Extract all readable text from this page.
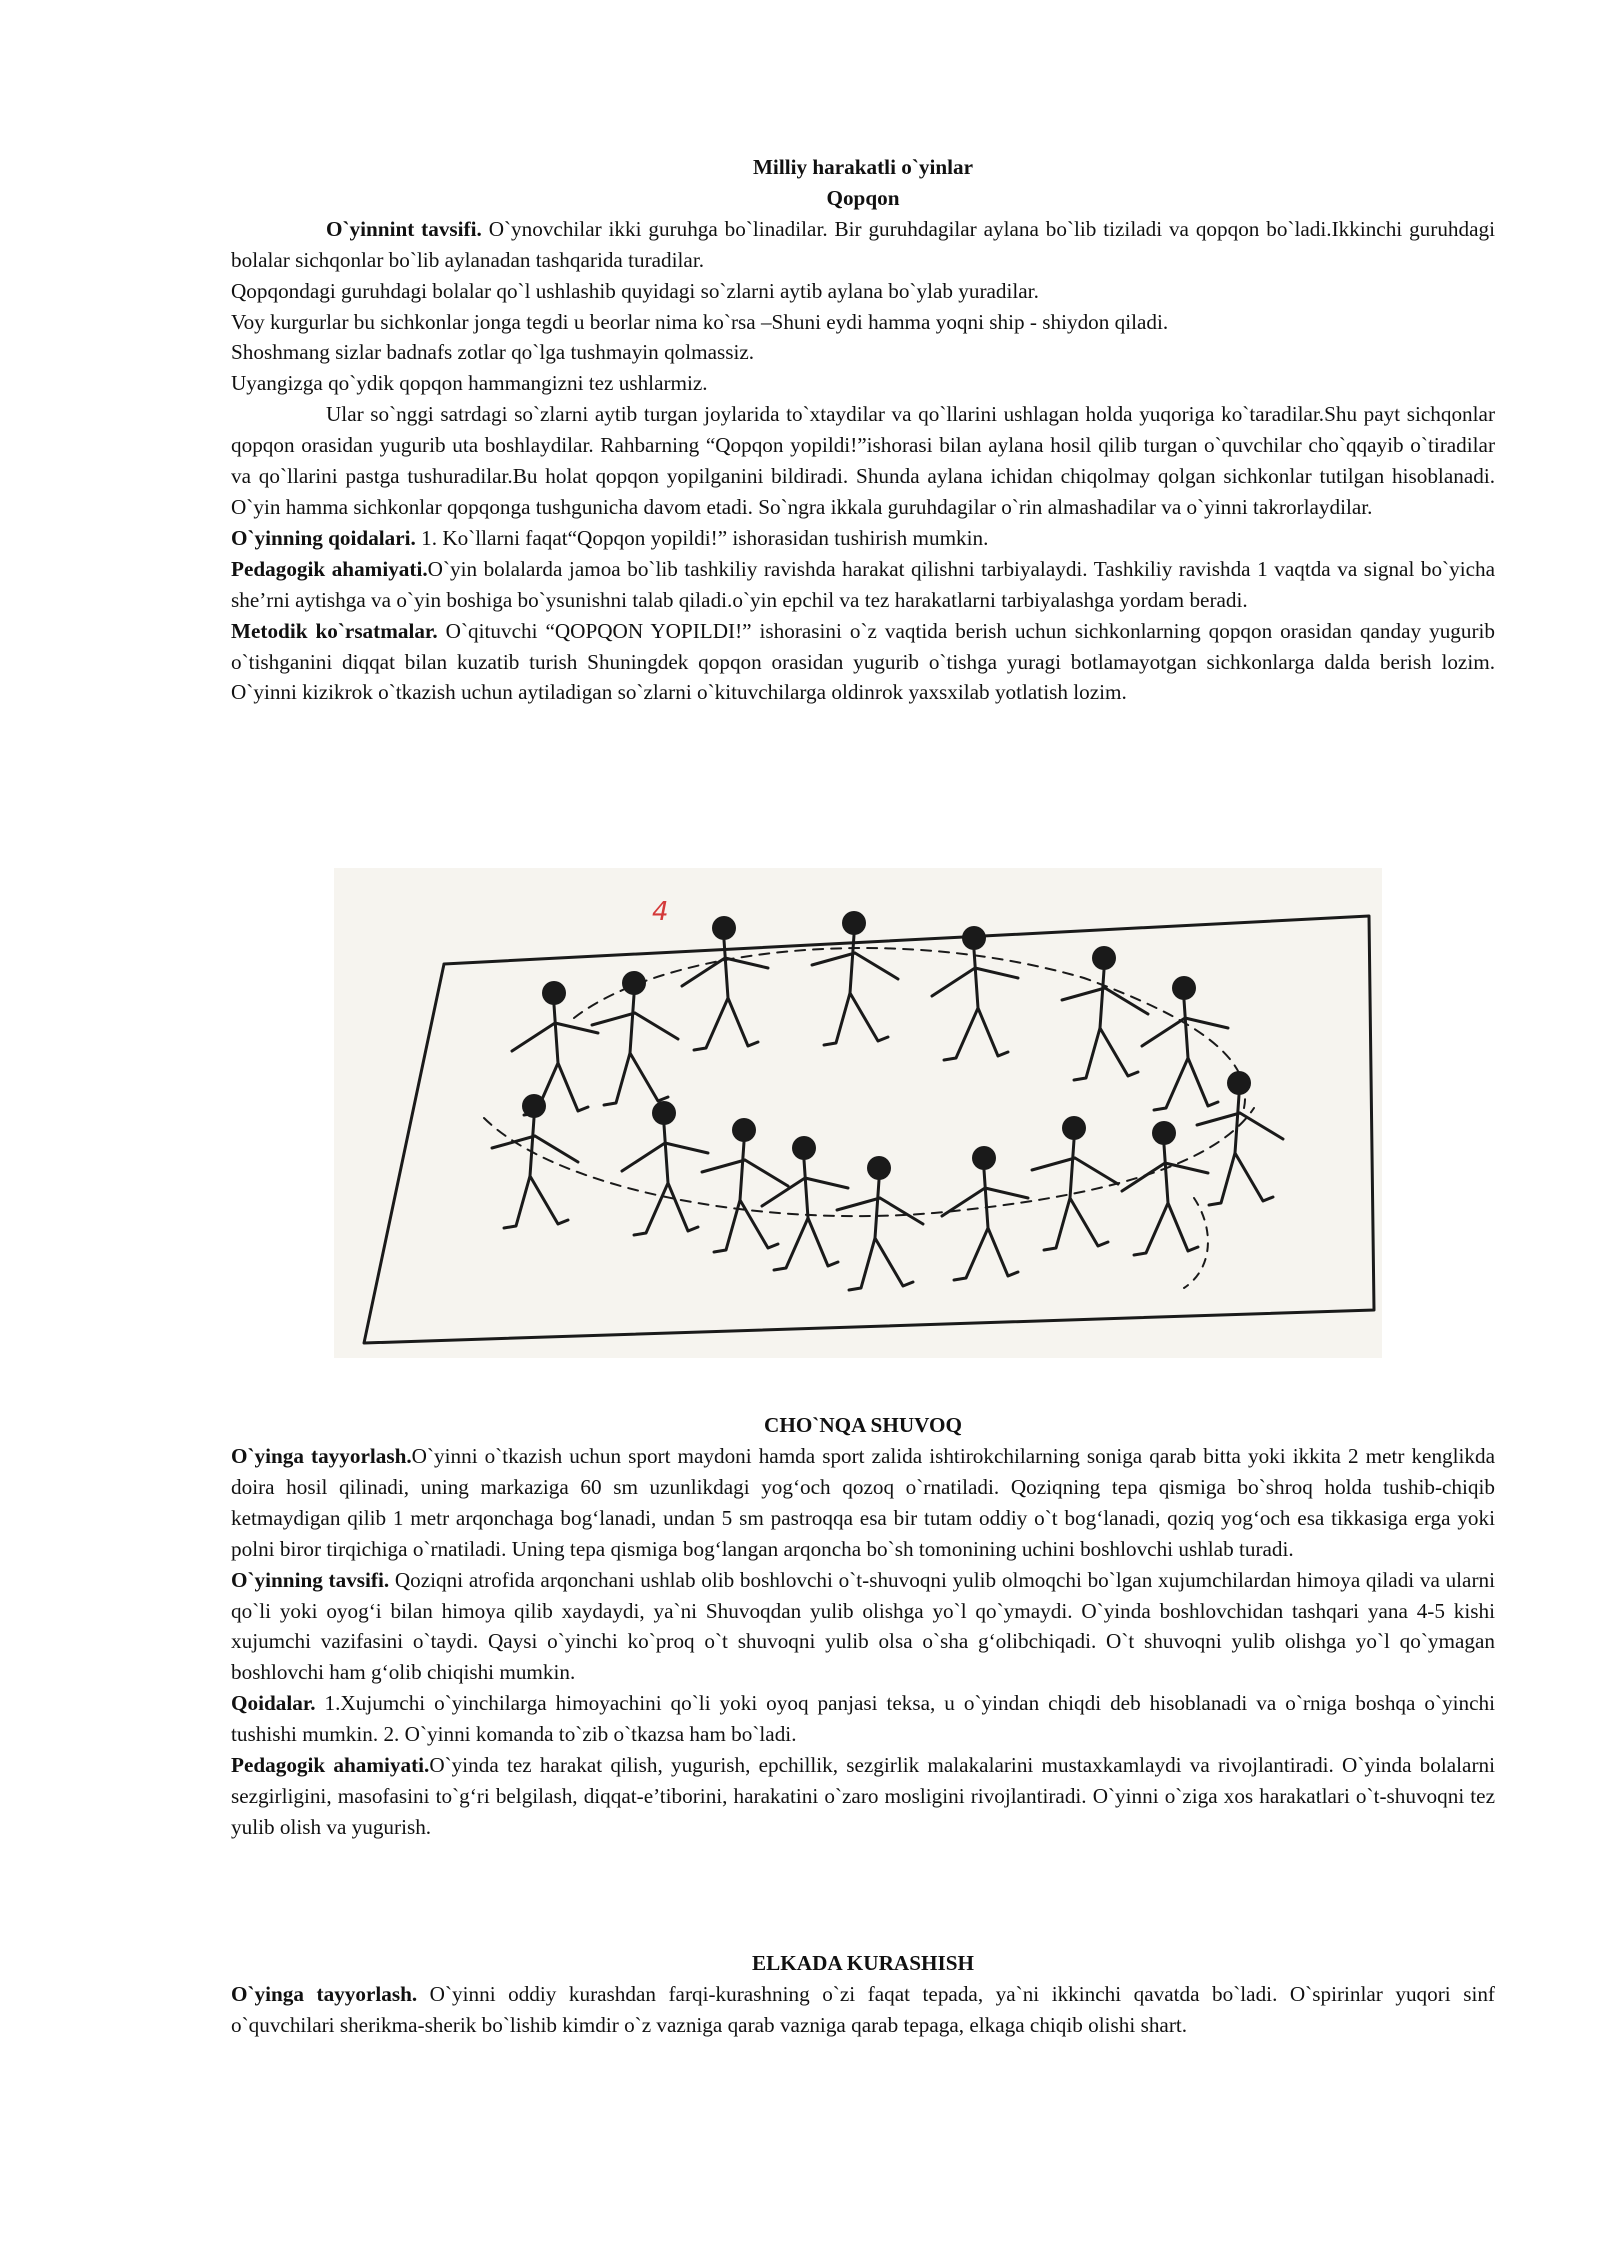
Milliy harakatli o`yinlar

Qopqon

O`yinnint tavsifi. O`ynovchilar ikki guruhga bo`linadilar. Bir guruhdagilar aylana bo`lib tiziladi va qopqon bo`ladi.Ikkinchi guruhdagi bolalar sichqonlar bo`lib aylanadan tashqarida turadilar.

Qopqondagi guruhdagi bolalar qo`l ushlashib quyidagi so`zlarni aytib aylana bo`ylab yuradilar.

Voy kurgurlar bu sichkonlar jonga tegdi u beorlar nima ko`rsa –Shuni eydi hamma yoqni ship - shiydon qiladi.

Shoshmang sizlar badnafs zotlar qo`lga tushmayin qolmassiz.

Uyangizga qo`ydik qopqon hammangizni tez ushlarmiz.

Ular so`nggi satrdagi so`zlarni aytib turgan joylarida to`xtaydilar va qo`llarini ushlagan holda yuqoriga ko`taradilar.Shu payt sichqonlar qopqon orasidan yugurib uta boshlaydilar. Rahbarning “Qopqon yopildi!”ishorasi bilan aylana hosil qilib turgan o`quvchilar cho`qqayib o`tiradilar va qo`llarini pastga tushuradilar.Bu holat qopqon yopilganini bildiradi. Shunda aylana ichidan chiqolmay qolgan sichkonlar tutilgan hisoblanadi. O`yin hamma sichkonlar qopqonga tushgunicha davom etadi. So`ngra ikkala guruhdagilar o`rin almashadilar va o`yinni takrorlaydilar.

O`yinning qoidalari. 1. Ko`llarni faqat“Qopqon yopildi!” ishorasidan tushirish mumkin.

Pedagogik ahamiyati.O`yin bolalarda jamoa bo`lib tashkiliy ravishda harakat qilishni tarbiyalaydi. Tashkiliy ravishda 1 vaqtda va signal bo`yicha she’rni aytishga va o`yin boshiga bo`ysunishni talab qiladi.o`yin epchil va tez harakatlarni tarbiyalashga yordam beradi.

Metodik ko`rsatmalar. O`qituvchi “QOPQON YOPILDI!” ishorasini o`z vaqtida berish uchun sichkonlarning qopqon orasidan qanday yugurib o`tishganini diqqat bilan kuzatib turish Shuningdek qopqon orasidan yugurib o`tishga yuragi botlamayotgan sichkonlarga dalda berish lozim. O`yinni kizikrok o`tkazish uchun aytiladigan so`zlarni o`kituvchilarga oldinrok yaxsxilab yotlatish lozim.

4

CHO`NQA SHUVOQ

O`yinga tayyorlash.O`yinni o`tkazish uchun sport maydoni hamda sport zalida ishtirokchilarning soniga qarab bitta yoki ikkita 2 metr kenglikda doira hosil qilinadi, uning markaziga 60 sm uzunlikdagi yog‘och qozoq o`rnatiladi. Qoziqning tepa qismiga bo`shroq holda tushib-chiqib ketmaydigan qilib 1 metr arqonchaga bog‘lanadi, undan 5 sm pastroqqa esa bir tutam oddiy o`t bog‘lanadi, qoziq yog‘och esa tikkasiga erga yoki polni biror tirqichiga o`rnatiladi. Uning tepa qismiga bog‘langan arqoncha bo`sh tomonining uchini boshlovchi ushlab turadi.

O`yinning tavsifi. Qoziqni atrofida arqonchani ushlab olib boshlovchi o`t-shuvoqni yulib olmoqchi bo`lgan xujumchilardan himoya qiladi va ularni qo`li yoki oyog‘i bilan himoya qilib xaydaydi, ya`ni Shuvoqdan yulib olishga yo`l qo`ymaydi. O`yinda boshlovchidan tashqari yana 4-5 kishi xujumchi vazifasini o`taydi. Qaysi o`yinchi ko`proq o`t shuvoqni yulib olsa o`sha g‘olibchiqadi. O`t shuvoqni yulib olishga yo`l qo`ymagan boshlovchi ham g‘olib chiqishi mumkin.

Qoidalar. 1.Xujumchi o`yinchilarga himoyachini qo`li yoki oyoq panjasi teksa, u o`yindan chiqdi deb hisoblanadi va o`rniga boshqa o`yinchi tushishi mumkin. 2. O`yinni komanda to`zib o`tkazsa ham bo`ladi.

Pedagogik ahamiyati.O`yinda tez harakat qilish, yugurish, epchillik, sezgirlik malakalarini mustaxkamlaydi va rivojlantiradi. O`yinda bolalarni sezgirligini, masofasini to`g‘ri belgilash, diqqat-e’tiborini, harakatini o`zaro mosligini rivojlantiradi. O`yinni o`ziga xos harakatlari o`t-shuvoqni tez yulib olish va yugurish.

ELKADA KURASHISH

O`yinga tayyorlash. O`yinni oddiy kurashdan farqi-kurashning o`zi faqat tepada, ya`ni ikkinchi qavatda bo`ladi. O`spirinlar yuqori sinf o`quvchilari sherikma-sherik bo`lishib kimdir o`z vazniga qarab vazniga qarab tepaga, elkaga chiqib olishi shart.
